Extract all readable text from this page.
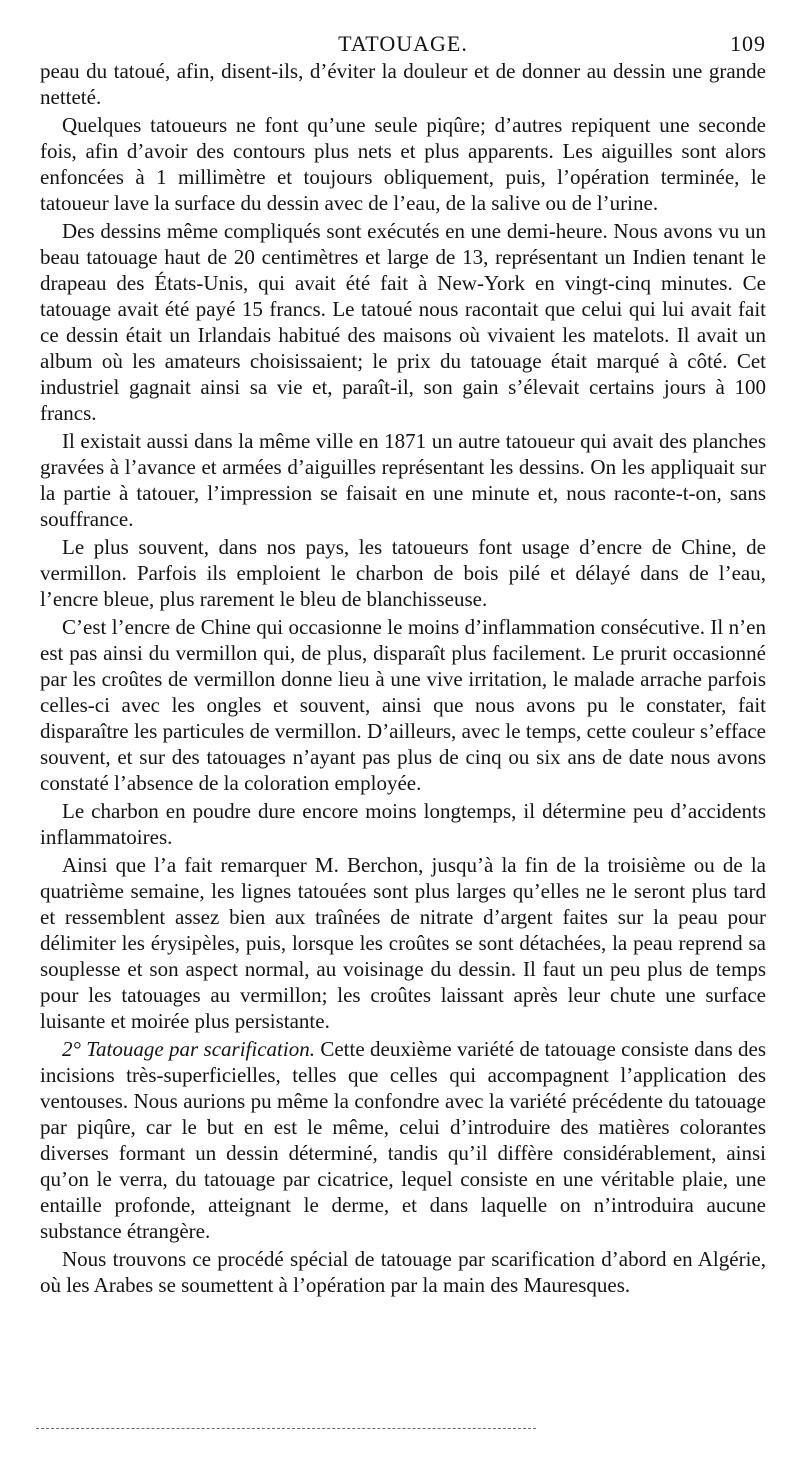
TATOUAGE.	109

peau du tatoué, afin, disent-ils, d’éviter la douleur et de donner au dessin une grande netteté.

Quelques tatoueurs ne font qu’une seule piqûre; d’autres repiquent une seconde fois, afin d’avoir des contours plus nets et plus apparents. Les aiguilles sont alors enfoncées à 1 millimètre et toujours obliquement, puis, l’opération terminée, le tatoueur lave la surface du dessin avec de l’eau, de la salive ou de l’urine.

Des dessins même compliqués sont exécutés en une demi-heure. Nous avons vu un beau tatouage haut de 20 centimètres et large de 13, représentant un Indien tenant le drapeau des États-Unis, qui avait été fait à New-York en vingt-cinq minutes. Ce tatouage avait été payé 15 francs. Le tatoué nous racontait que celui qui lui avait fait ce dessin était un Irlandais habitué des maisons où vivaient les matelots. Il avait un album où les amateurs choisissaient; le prix du tatouage était marqué à côté. Cet industriel gagnait ainsi sa vie et, paraît-il, son gain s’élevait certains jours à 100 francs.

Il existait aussi dans la même ville en 1871 un autre tatoueur qui avait des planches gravées à l’avance et armées d’aiguilles représentant les dessins. On les appliquait sur la partie à tatouer, l’impression se faisait en une minute et, nous raconte-t-on, sans souffrance.

Le plus souvent, dans nos pays, les tatoueurs font usage d’encre de Chine, de vermillon. Parfois ils emploient le charbon de bois pilé et délayé dans de l’eau, l’encre bleue, plus rarement le bleu de blanchisseuse.

C’est l’encre de Chine qui occasionne le moins d’inflammation consécutive. Il n’en est pas ainsi du vermillon qui, de plus, disparaît plus facilement. Le prurit occasionné par les croûtes de vermillon donne lieu à une vive irritation, le malade arrache parfois celles-ci avec les ongles et souvent, ainsi que nous avons pu le constater, fait disparaître les particules de vermillon. D’ailleurs, avec le temps, cette couleur s’efface souvent, et sur des tatouages n’ayant pas plus de cinq ou six ans de date nous avons constaté l’absence de la coloration employée.

Le charbon en poudre dure encore moins longtemps, il détermine peu d’accidents inflammatoires.

Ainsi que l’a fait remarquer M. Berchon, jusqu’à la fin de la troisième ou de la quatrième semaine, les lignes tatouées sont plus larges qu’elles ne le seront plus tard et ressemblent assez bien aux traînées de nitrate d’argent faites sur la peau pour délimiter les érysipèles, puis, lorsque les croûtes se sont détachées, la peau reprend sa souplesse et son aspect normal, au voisinage du dessin. Il faut un peu plus de temps pour les tatouages au vermillon; les croûtes laissant après leur chute une surface luisante et moirée plus persistante.

2° Tatouage par scarification. Cette deuxième variété de tatouage consiste dans des incisions très-superficielles, telles que celles qui accompagnent l’application des ventouses. Nous aurions pu même la confondre avec la variété précédente du tatouage par piqûre, car le but en est le même, celui d’introduire des matières colorantes diverses formant un dessin déterminé, tandis qu’il diffère considérablement, ainsi qu’on le verra, du tatouage par cicatrice, lequel consiste en une véritable plaie, une entaille profonde, atteignant le derme, et dans laquelle on n’introduira aucune substance étrangère.

Nous trouvons ce procédé spécial de tatouage par scarification d’abord en Algérie, où les Arabes se soumettent à l’opération par la main des Mauresques.
